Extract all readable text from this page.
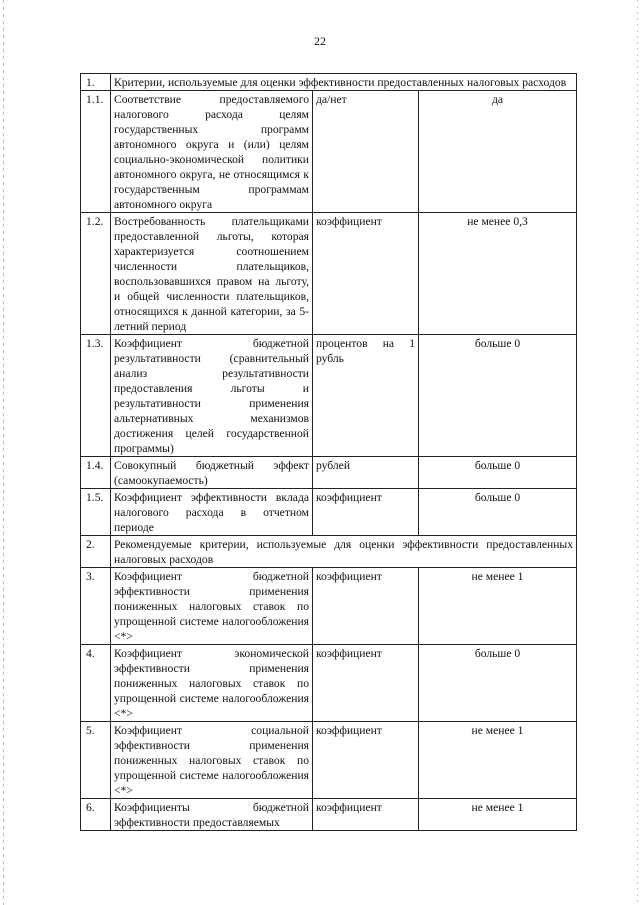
22
1.	Критерии, используемые для оценки эффективности предоставленных налоговых расходов		
1.1.	Соответствие предоставляемого налогового расхода целям государственных программ автономного округа и (или) целям социально-экономической политики автономного округа, не относящимся к государственным программам автономного округа	да/нет	да
1.2.	Востребованность плательщиками предоставленной льготы, которая характеризуется соотношением численности плательщиков, воспользовавшихся правом на льготу, и общей численности плательщиков, относящихся к данной категории, за 5-летний период	коэффициент	не менее 0,3
1.3.	Коэффициент бюджетной результативности (сравнительный анализ результативности предоставления льготы и результативности применения альтернативных механизмов достижения целей государственной программы)	процентов на 1 рубль	больше 0
1.4.	Совокупный бюджетный эффект (самоокупаемость)	рублей	больше 0
1.5.	Коэффициент эффективности вклада налогового расхода в отчетном периоде	коэффициент	больше 0
2.	Рекомендуемые критерии, используемые для оценки эффективности предоставленных налоговых расходов		
3.	Коэффициент бюджетной эффективности применения пониженных налоговых ставок по упрощенной системе налогообложения <*>	коэффициент	не менее 1
4.	Коэффициент экономической эффективности применения пониженных налоговых ставок по упрощенной системе налогообложения <*>	коэффициент	больше 0
5.	Коэффициент социальной эффективности применения пониженных налоговых ставок по упрощенной системе налогообложения <*>	коэффициент	не менее 1
6.	Коэффициенты бюджетной эффективности предоставляемых	коэффициент	не менее 1
